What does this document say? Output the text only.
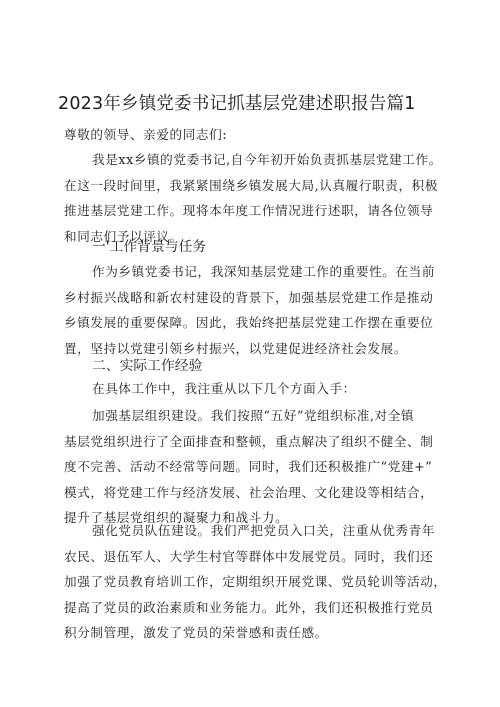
2023年乡镇党委书记抓基层党建述职报告篇1
尊敬的领导、亲爱的同志们:
我是xx乡镇的党委书记,自今年初开始负责抓基层党建工作。
在这一段时间里，我紧紧围绕乡镇发展大局,认真履行职责，积极
推进基层党建工作。现将本年度工作情况进行述职，请各位领导
和同志们予以评议。
一'工作背景与任务
作为乡镇党委书记，我深知基层党建工作的重要性。在当前
乡村振兴战略和新农村建设的背景下，加强基层党建工作是推动
乡镇发展的重要保障。因此，我始终把基层党建工作摆在重要位
置，坚持以党建引领乡村振兴，以党建促进经济社会发展。
二、实际工作经验
在具体工作中，我注重从以下几个方面入手：
加强基层组织建设。我们按照“五好”党组织标准,对全镇
基层党组织进行了全面排查和整顿，重点解决了组织不健全、制
度不完善、活动不经常等问题。同时，我们还积极推广“党建+”
模式，将党建工作与经济发展、社会治理、文化建设等相结合，
提升了基层党组织的凝聚力和战斗力。
强化党员队伍建设。我们严把党员入口关，注重从优秀青年
农民、退伍军人、大学生村官等群体中发展党员。同时，我们还
加强了党员教育培训工作，定期组织开展党课、党员轮训等活动，
提高了党员的政治素质和业务能力。此外，我们还积极推行党员
积分制管理，激发了党员的荣誉感和责任感。
